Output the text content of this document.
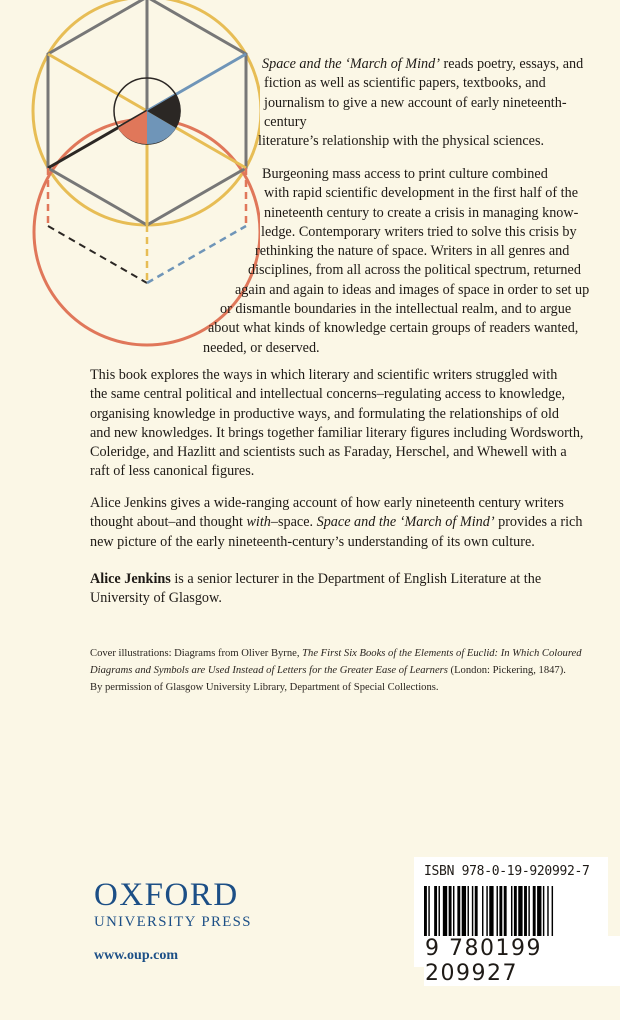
Space and the ‘March of Mind’ reads poetry, essays, and
fiction as well as scientific papers, textbooks, and
journalism to give a new account of early nineteenth-
century
literature’s relationship with the physical sciences.
Burgeoning mass access to print culture combined
with rapid scientific development in the first half of the
nineteenth century to create a crisis in managing know-
ledge. Contemporary writers tried to solve this crisis by
rethinking the nature of space. Writers in all genres and
disciplines, from all across the political spectrum, returned
again and again to ideas and images of space in order to set up
or dismantle boundaries in the intellectual realm, and to argue
about what kinds of knowledge certain groups of readers wanted,
needed, or deserved.
This book explores the ways in which literary and scientific writers struggled with
the same central political and intellectual concerns–regulating access to knowledge,
organising knowledge in productive ways, and formulating the relationships of old
and new knowledges. It brings together familiar literary figures including Wordsworth,
Coleridge, and Hazlitt and scientists such as Faraday, Herschel, and Whewell with a
raft of less canonical figures.
Alice Jenkins gives a wide-ranging account of how early nineteenth century writers
thought about–and thought with–space. Space and the ‘March of Mind’ provides a rich
new picture of the early nineteenth-century’s understanding of its own culture.
Alice Jenkins is a senior lecturer in the Department of English Literature at the
University of Glasgow.
Cover illustrations: Diagrams from Oliver Byrne, The First Six Books of the Elements of Euclid: In Which Coloured
Diagrams and Symbols are Used Instead of Letters for the Greater Ease of Learners (London: Pickering, 1847).
By permission of Glasgow University Library, Department of Special Collections.
OXFORD
UNIVERSITY PRESS
www.oup.com
ISBN 978-0-19-920992-7
9 780199 209927
